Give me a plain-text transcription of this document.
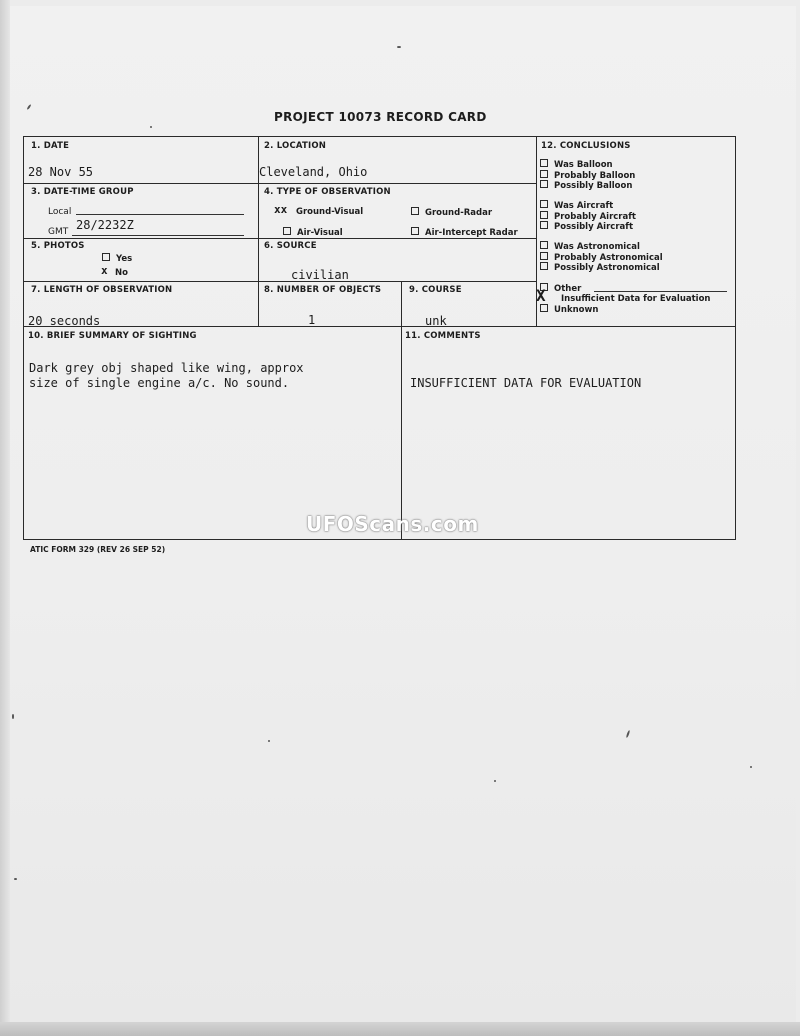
PROJECT 10073 RECORD CARD
1. DATE
28 Nov 55
2. LOCATION
Cleveland, Ohio
3. DATE-TIME GROUP
Local
GMT 28/2232Z
4. TYPE OF OBSERVATION
xx Ground-Visual	Ground-Radar
Air-Visual	Air-Intercept Radar
5. PHOTOS
Yes
x No
6. SOURCE
civilian
7. LENGTH OF OBSERVATION
20 seconds
8. NUMBER OF OBJECTS
1
9. COURSE
unk
10. BRIEF SUMMARY OF SIGHTING
Dark grey obj shaped like wing, approx
size of single engine a/c. No sound.
11. COMMENTS
INSUFFICIENT DATA FOR EVALUATION
12. CONCLUSIONS
Was Balloon
Probably Balloon
Possibly Balloon
Was Aircraft
Probably Aircraft
Possibly Aircraft
Was Astronomical
Probably Astronomical
Possibly Astronomical
Other
X Insufficient Data for Evaluation
Unknown
UFOScans.com
ATIC FORM 329 (REV 26 SEP 52)
